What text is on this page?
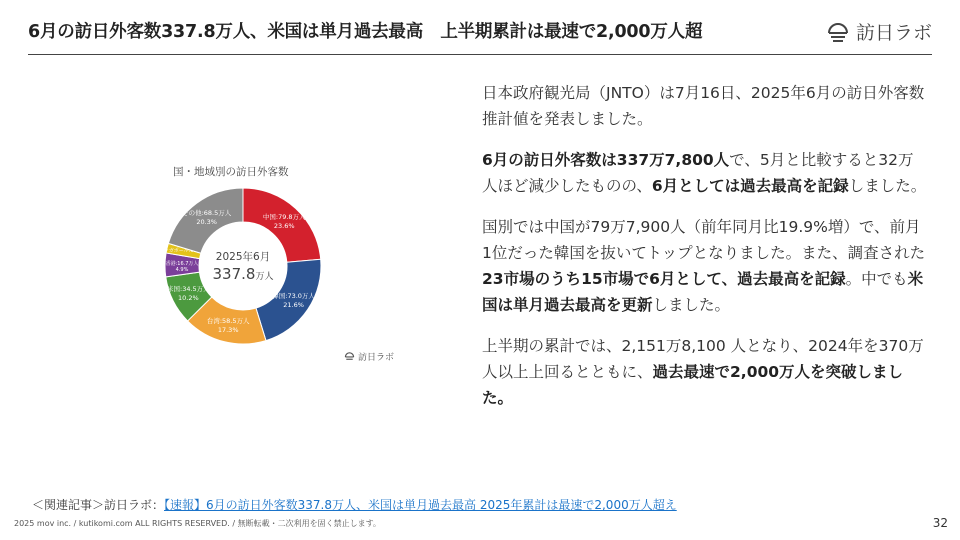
6月の訪日外客数337.8万人、米国は単月過去最高　上半期累計は最速で2,000万人超	訪日ラボ
国・地域別の訪日外客数
中国:79.8万人
23.6%
韓国:73.0万人
21.6%
台湾:58.5万人
17.3%
米国:34.5万人
10.2%
香港:16.7万人
4.9%
シンガポール:6.9万人
その他:68.5万人
20.3%
2025年6月
337.8万人
訪日ラボ

日本政府観光局（JNTO）は7月16日、2025年6月の訪日外客数推計値を発表しました。

6月の訪日外客数は337万7,800人で、5月と比較すると32万人ほど減少したものの、6月としては過去最高を記録しました。

国別では中国が79万7,900人（前年同月比19.9%増）で、前月1位だった韓国を抜いてトップとなりました。また、調査された23市場のうち15市場で6月として、過去最高を記録。中でも米国は単月過去最高を更新しました。

上半期の累計では、2,151万8,100 人となり、2024年を370万人以上上回るとともに、過去最速で2,000万人を突破しました。

＜関連記事＞訪日ラボ：【速報】6月の訪日外客数337.8万人、米国は単月過去最高 2025年累計は最速で2,000万人超え
2025 mov inc. / kutikomi.com ALL RIGHTS RESERVED. / 無断転載・二次利用を固く禁止します。	32
